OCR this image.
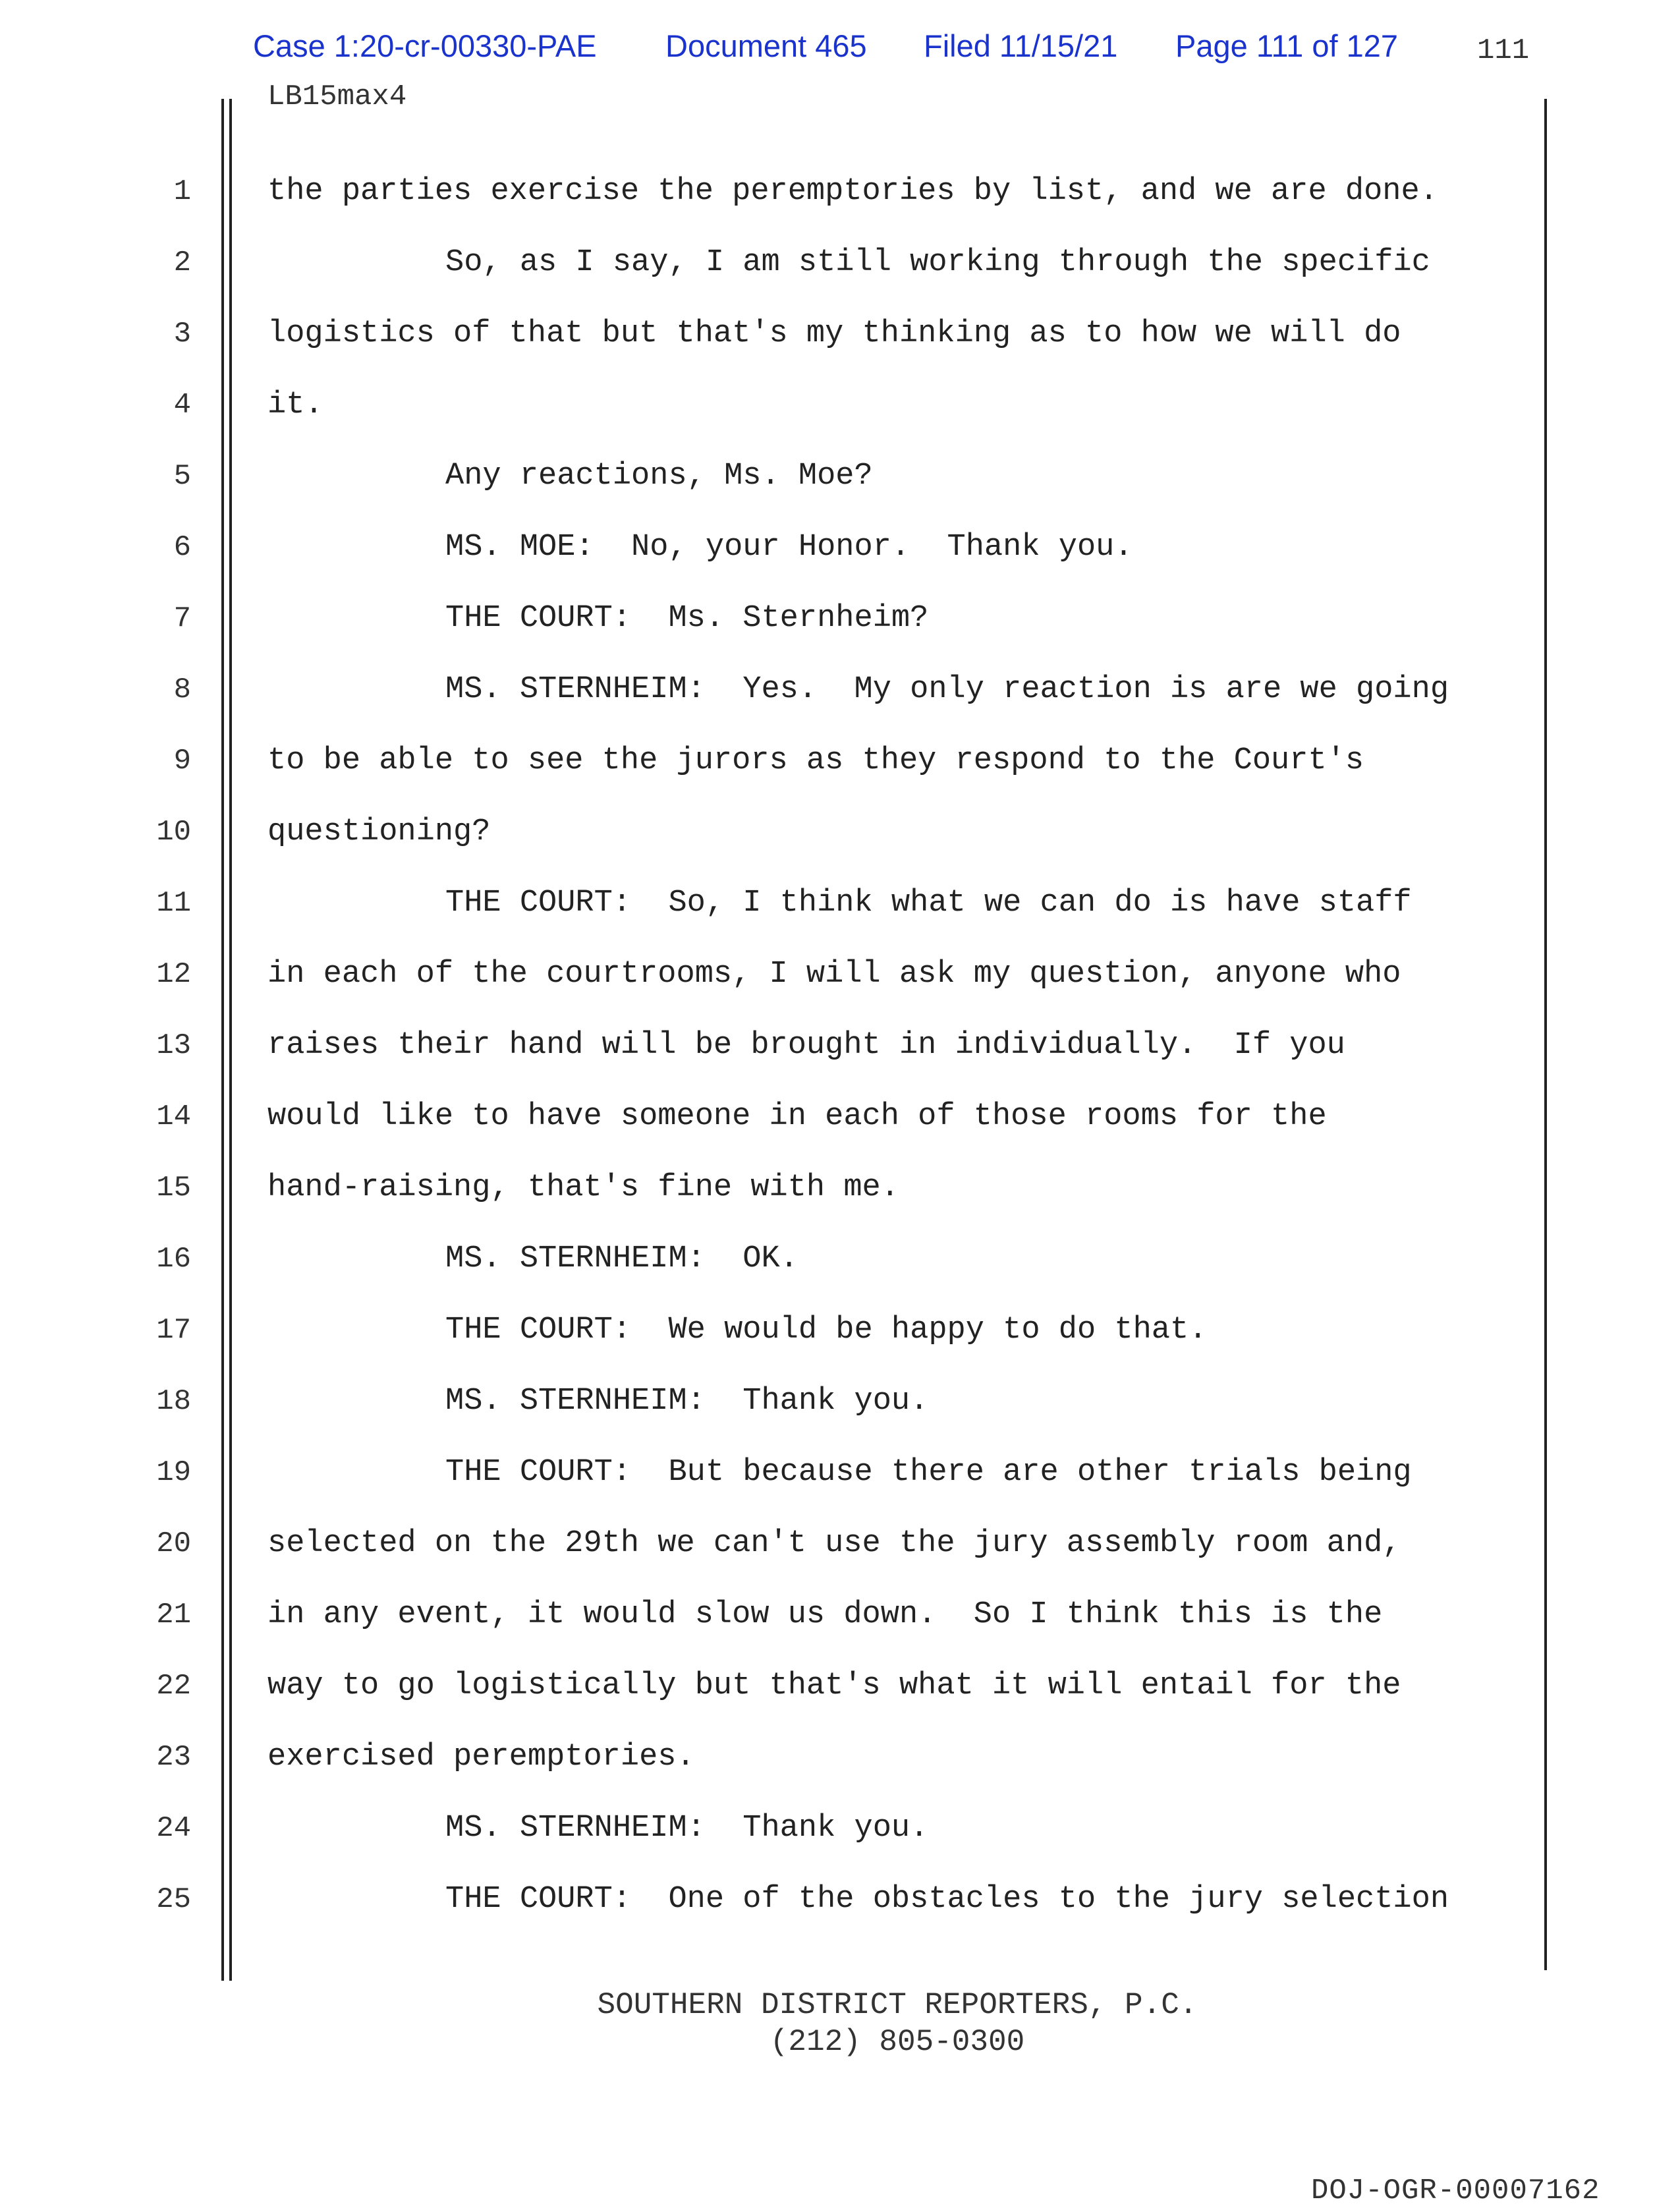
Case 1:20-cr-00330-PAE Document 465 Filed 11/15/21 Page 111 of 127	111
LB15max4
1 the parties exercise the peremptories by list, and we are done.
2	So, as I say, I am still working through the specific
3 logistics of that but that's my thinking as to how we will do
4 it.
5	Any reactions, Ms. Moe?
6	MS. MOE:  No, your Honor.  Thank you.
7	THE COURT:  Ms. Sternheim?
8	MS. STERNHEIM:  Yes.  My only reaction is are we going
9 to be able to see the jurors as they respond to the Court's
10 questioning?
11	THE COURT:  So, I think what we can do is have staff
12 in each of the courtrooms, I will ask my question, anyone who
13 raises their hand will be brought in individually.  If you
14 would like to have someone in each of those rooms for the
15 hand-raising, that's fine with me.
16	MS. STERNHEIM:  OK.
17	THE COURT:  We would be happy to do that.
18	MS. STERNHEIM:  Thank you.
19	THE COURT:  But because there are other trials being
20 selected on the 29th we can't use the jury assembly room and,
21 in any event, it would slow us down.  So I think this is the
22 way to go logistically but that's what it will entail for the
23 exercised peremptories.
24	MS. STERNHEIM:  Thank you.
25	THE COURT:  One of the obstacles to the jury selection
SOUTHERN DISTRICT REPORTERS, P.C.
(212) 805-0300
DOJ-OGR-00007162
